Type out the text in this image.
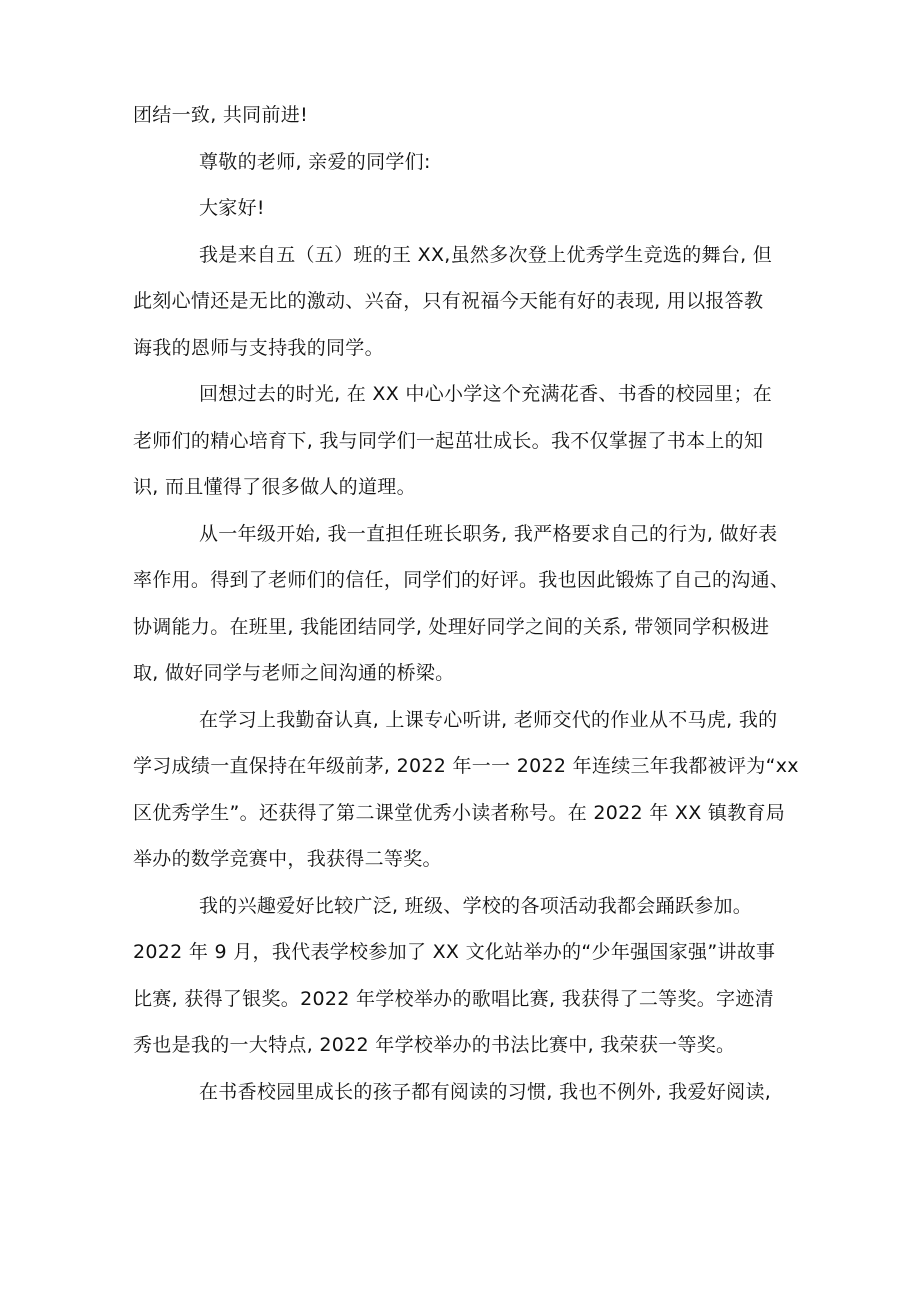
团结一致, 共同前进!

尊敬的老师, 亲爱的同学们:

大家好!

我是来自五（五）班的王 XX,虽然多次登上优秀学生竞选的舞台, 但
此刻心情还是无比的激动、兴奋，只有祝福今天能有好的表现, 用以报答教
诲我的恩师与支持我的同学。

回想过去的时光, 在 XX 中心小学这个充满花香、书香的校园里；在
老师们的精心培育下, 我与同学们一起茁壮成长。我不仅掌握了书本上的知
识, 而且懂得了很多做人的道理。

从一年级开始, 我一直担任班长职务, 我严格要求自己的行为, 做好表
率作用。得到了老师们的信任，同学们的好评。我也因此锻炼了自己的沟通、
协调能力。在班里, 我能团结同学, 处理好同学之间的关系, 带领同学积极进
取, 做好同学与老师之间沟通的桥梁。

在学习上我勤奋认真, 上课专心听讲, 老师交代的作业从不马虎, 我的
学习成绩一直保持在年级前茅, 2022 年一一 2022 年连续三年我都被评为“xx
区优秀学生”。还获得了第二课堂优秀小读者称号。在 2022 年 XX 镇教育局
举办的数学竞赛中，我获得二等奖。

我的兴趣爱好比较广泛, 班级、学校的各项活动我都会踊跃参加。
2022 年 9 月，我代表学校参加了 XX 文化站举办的“少年强国家强”讲故事
比赛, 获得了银奖。2022 年学校举办的歌唱比赛, 我获得了二等奖。字迹清
秀也是我的一大特点, 2022 年学校举办的书法比赛中, 我荣获一等奖。

在书香校园里成长的孩子都有阅读的习惯, 我也不例外, 我爱好阅读,
